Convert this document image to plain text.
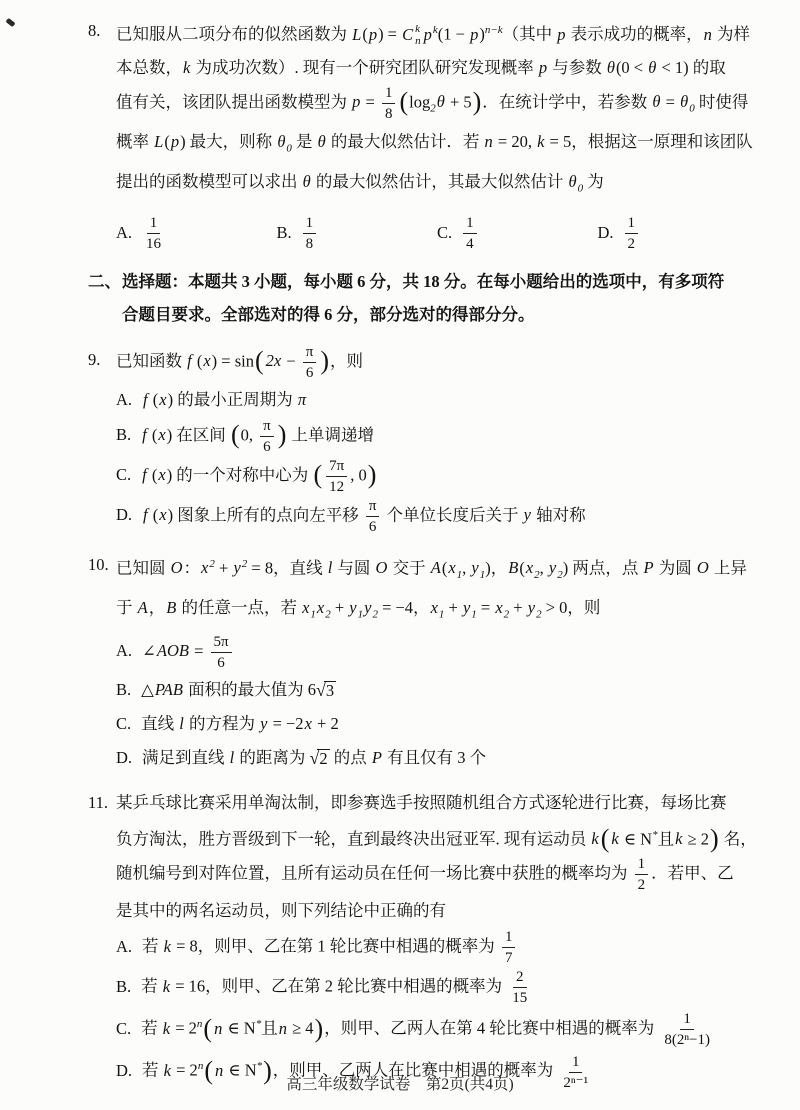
8. 已知服从二项分布的似然函数为 L(p) = C k
n $p^k(1 - p)^{n-k}$（其中 p 表示成功的概率，n 为样
本总数，k 为成功次数）. 现有一个研究团队研究发现概率 p 与参数 θ(0 < θ < 1) 的取
值有关，该团队提出函数模型为 $p = \frac{1}{8} (\log_2\theta + 5)$．在统计学中，若参数 $\theta = \theta_0$ 时使得
概率 L(p) 最大，则称 $\theta_0$ 是 θ 的最大似然估计．若 n = 20, k = 5，根据这一原理和该团队
提出的函数模型可以求出 θ 的最大似然估计，其最大似然估计 $\theta_0$ 为
A. $\frac{1}{16}$	B. $\frac{1}{8}$	C. $\frac{1}{4}$	D. $\frac{1}{2}$
二、 选择题：本题共 3 小题，每小题 6 分，共 18 分。在每小题给出的选项中，有多项符
合题目要求。全部选对的得 6 分，部分选对的得部分分。
9. 已知函数 f (x) = sin( $2x - \frac{\pi}{6}$ )，则
A. f (x) 的最小正周期为 π
B. f (x) 在区间 (0, $\frac{\pi}{6}$ ) 上单调递增
C. f (x) 的一个对称中心为 ( $\frac{7\pi}{12}$ , 0)
D. f (x) 图象上所有的点向左平移 $\frac{\pi}{6}$ 个单位长度后关于 y 轴对称
10. 已知圆 O：$x^2 + y^2 = 8$，直线 l 与圆 O 交于 $A(x_1$, $y_1$)，$B(x_2$, $y_2$) 两点，点 P 为圆 O 上异
于 A，B 的任意一点，若 $x_1x_2 + y_1y_2 = -4$，$x_1 + y_1 = x_2 + y_2 > 0$，则
A. ∠AOB = $\frac{5\pi}{6}$
B. △PAB 面积的最大值为 6√3
C. 直线 l 的方程为 y = −2x + 2
D. 满足到直线 l 的距离为 √2 的点 P 有且仅有 3 个
11. 某乒乓球比赛采用单淘汰制，即参赛选手按照随机组合方式逐轮进行比赛，每场比赛
负方淘汰，胜方晋级到下一轮，直到最终决出冠亚军. 现有运动员 k( k ∈ N*且k ≥ 2) 名，
随机编号到对阵位置，且所有运动员在任何一场比赛中获胜的概率均为 $\frac{1}{2}$ ．若甲、乙
是其中的两名运动员，则下列结论中正确的有
A. 若 k = 8，则甲、乙在第 1 轮比赛中相遇的概率为 $\frac{1}{7}$
B. 若 k = 16，则甲、乙在第 2 轮比赛中相遇的概率为 $\frac{2}{15}$
C. 若 $k = 2^n$( n ∈ N*且n ≥ 4)，则甲、乙两人在第 4 轮比赛中相遇的概率为 $\frac{1}{\text{8(2ⁿ−1)}}$
D. 若 $k = 2^n$( n ∈ N*)，则甲、乙两人在比赛中相遇的概率为 $\frac{1}{\text{2ⁿ⁻¹}}$
高三年级数学试卷　第2页(共4页)
